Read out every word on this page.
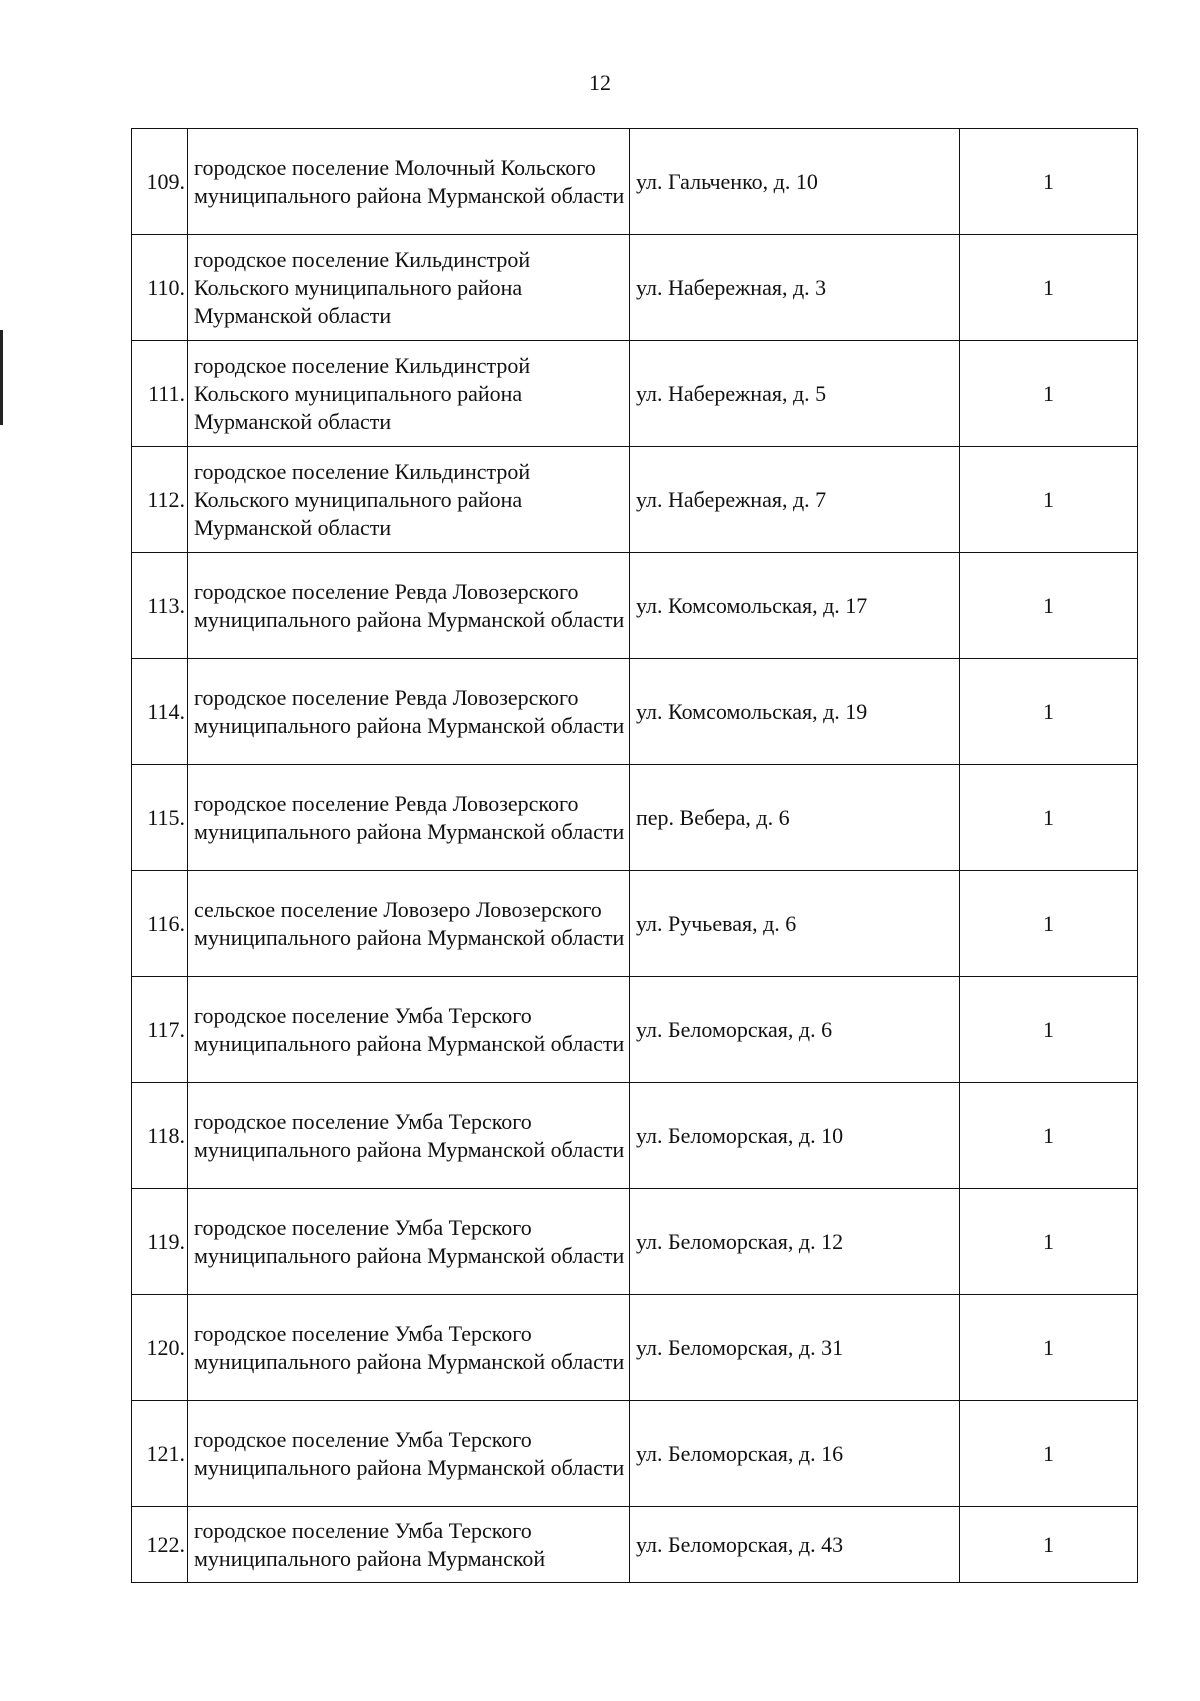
12
109.	городское поселение Молочный Кольского муниципального района Мурманской области	ул. Гальченко, д. 10	1
110.	городское поселение Кильдинстрой Кольского муниципального района Мурманской области	ул. Набережная, д. 3	1
111.	городское поселение Кильдинстрой Кольского муниципального района Мурманской области	ул. Набережная, д. 5	1
112.	городское поселение Кильдинстрой Кольского муниципального района Мурманской области	ул. Набережная, д. 7	1
113.	городское поселение Ревда Ловозерского муниципального района Мурманской области	ул. Комсомольская, д. 17	1
114.	городское поселение Ревда Ловозерского муниципального района Мурманской области	ул. Комсомольская, д. 19	1
115.	городское поселение Ревда Ловозерского муниципального района Мурманской области	пер. Вебера, д. 6	1
116.	сельское поселение Ловозеро Ловозерского муниципального района Мурманской области	ул. Ручьевая, д. 6	1
117.	городское поселение Умба Терского муниципального района Мурманской области	ул. Беломорская, д. 6	1
118.	городское поселение Умба Терского муниципального района Мурманской области	ул. Беломорская, д. 10	1
119.	городское поселение Умба Терского муниципального района Мурманской области	ул. Беломорская, д. 12	1
120.	городское поселение Умба Терского муниципального района Мурманской области	ул. Беломорская, д. 31	1
121.	городское поселение Умба Терского муниципального района Мурманской области	ул. Беломорская, д. 16	1
122.	городское поселение Умба Терского муниципального района Мурманской	ул. Беломорская, д. 43	1
